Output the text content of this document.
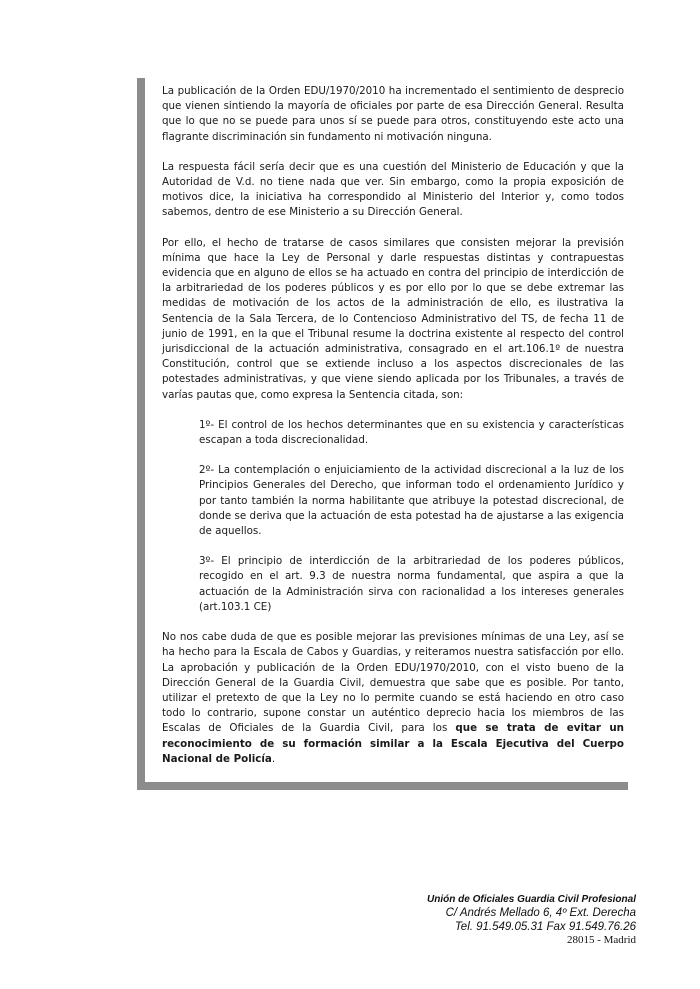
La publicación de la Orden EDU/1970/2010 ha incrementado el sentimiento de desprecio que vienen sintiendo la mayoría de oficiales por parte de esa Dirección General. Resulta que lo que no se puede para unos sí se puede para otros, constituyendo este acto una flagrante discriminación sin fundamento ni motivación ninguna.

La respuesta fácil sería decir que es una cuestión del Ministerio de Educación y que la Autoridad de V.d. no tiene nada que ver. Sin embargo, como la propia exposición de motivos dice, la iniciativa ha correspondido al Ministerio del Interior y, como todos sabemos, dentro de ese Ministerio a su Dirección General.

Por ello, el hecho de tratarse de casos similares que consisten mejorar la previsión mínima que hace la Ley de Personal y darle respuestas distintas y contrapuestas evidencia que en alguno de ellos se ha actuado en contra del principio de interdicción de la arbitrariedad de los poderes públicos y es por ello por lo que se debe extremar las medidas de motivación de los actos de la administración de ello, es ilustrativa la Sentencia de la Sala Tercera, de lo Contencioso Administrativo del TS, de fecha 11 de junio de 1991, en la que el Tribunal resume la doctrina existente al respecto del control jurisdiccional de la actuación administrativa, consagrado en el art.106.1º de nuestra Constitución, control que se extiende incluso a los aspectos discrecionales de las potestades administrativas, y que viene siendo aplicada por los Tribunales, a través de varías pautas que, como expresa la Sentencia citada, son:

1º- El control de los hechos determinantes que en su existencia y características escapan a toda discrecionalidad.

2º- La contemplación o enjuiciamiento de la actividad discrecional a la luz de los Principios Generales del Derecho, que informan todo el ordenamiento Jurídico y por tanto también la norma habilitante que atribuye la potestad discrecional, de donde se deriva que la actuación de esta potestad ha de ajustarse a las exigencia de aquellos.

3º- El principio de interdicción de la arbitrariedad de los poderes públicos, recogido en el art. 9.3 de nuestra norma fundamental, que aspira a que la actuación de la Administración sirva con racionalidad a los intereses generales (art.103.1 CE)

No nos cabe duda de que es posible mejorar las previsiones mínimas de una Ley, así se ha hecho para la Escala de Cabos y Guardias, y reiteramos nuestra satisfacción por ello. La aprobación y publicación de la Orden EDU/1970/2010, con el visto bueno de la Dirección General de la Guardia Civil, demuestra que sabe que es posible. Por tanto, utilizar el pretexto de que la Ley no lo permite cuando se está haciendo en otro caso todo lo contrario, supone constar un auténtico deprecio hacia los miembros de las Escalas de Oficiales de la Guardia Civil, para los que se trata de evitar un reconocimiento de su formación similar a la Escala Ejecutiva del Cuerpo Nacional de Policía.

Unión de Oficiales Guardia Civil Profesional
C/ Andrés Mellado 6, 4º Ext. Derecha
Tel. 91.549.05.31 Fax 91.549.76.26
28015 - Madrid
